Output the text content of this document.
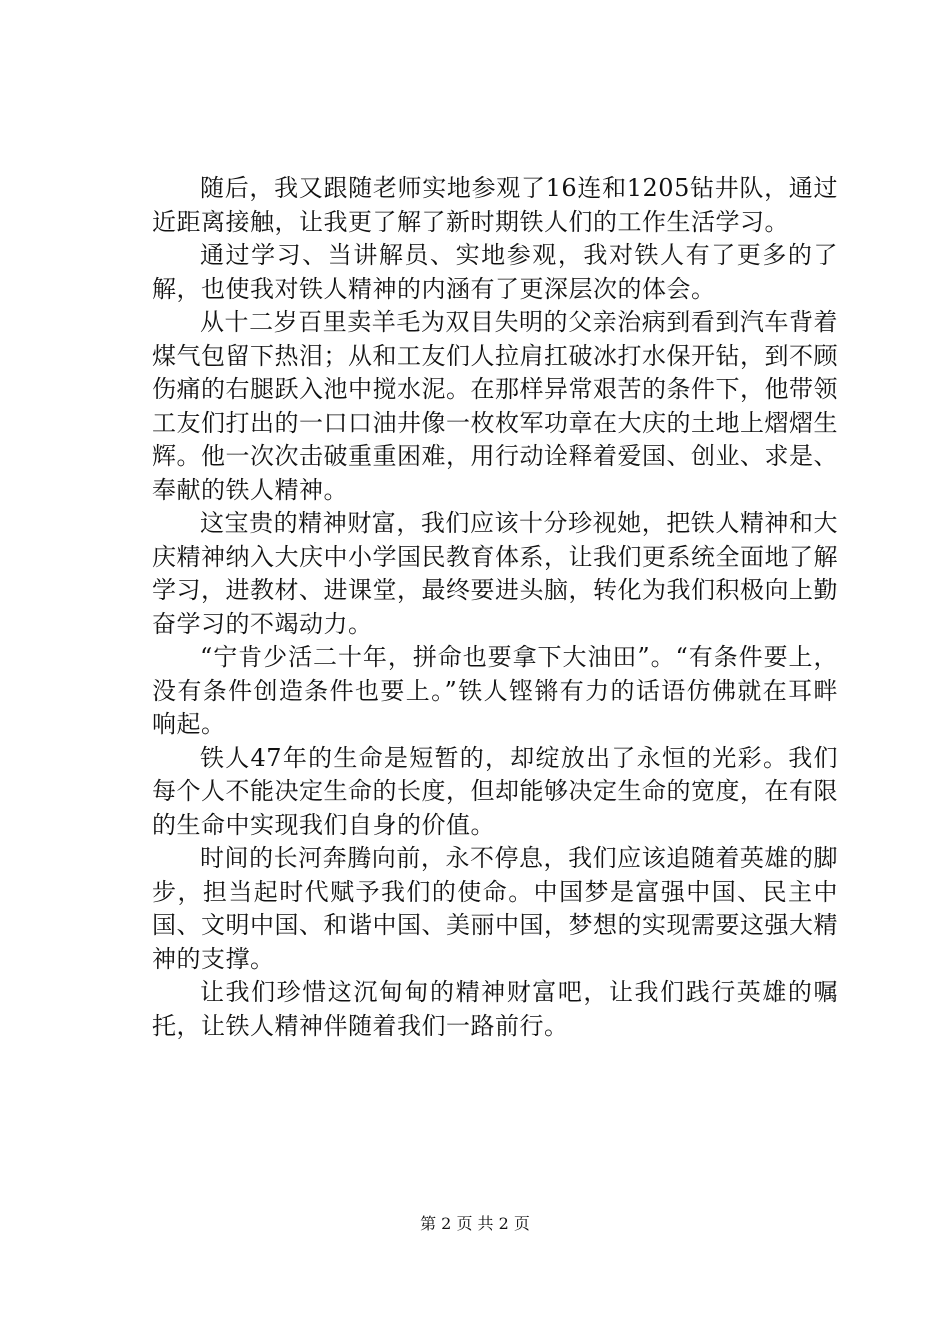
随后，我又跟随老师实地参观了16连和1205钻井队，通过近距离接触，让我更了解了新时期铁人们的工作生活学习。

通过学习、当讲解员、实地参观，我对铁人有了更多的了解，也使我对铁人精神的内涵有了更深层次的体会。

从十二岁百里卖羊毛为双目失明的父亲治病到看到汽车背着煤气包留下热泪；从和工友们人拉肩扛破冰打水保开钻，到不顾伤痛的右腿跃入池中搅水泥。在那样异常艰苦的条件下，他带领工友们打出的一口口油井像一枚枚军功章在大庆的土地上熠熠生辉。他一次次击破重重困难，用行动诠释着爱国、创业、求是、奉献的铁人精神。

这宝贵的精神财富，我们应该十分珍视她，把铁人精神和大庆精神纳入大庆中小学国民教育体系，让我们更系统全面地了解学习，进教材、进课堂，最终要进头脑，转化为我们积极向上勤奋学习的不竭动力。

“宁肯少活二十年，拼命也要拿下大油田”。“有条件要上，没有条件创造条件也要上。”铁人铿锵有力的话语仿佛就在耳畔响起。

铁人47年的生命是短暂的，却绽放出了永恒的光彩。我们每个人不能决定生命的长度，但却能够决定生命的宽度，在有限的生命中实现我们自身的价值。

时间的长河奔腾向前，永不停息，我们应该追随着英雄的脚步，担当起时代赋予我们的使命。中国梦是富强中国、民主中国、文明中国、和谐中国、美丽中国，梦想的实现需要这强大精神的支撑。

让我们珍惜这沉甸甸的精神财富吧，让我们践行英雄的嘱托，让铁人精神伴随着我们一路前行。

第 2 页 共 2 页
